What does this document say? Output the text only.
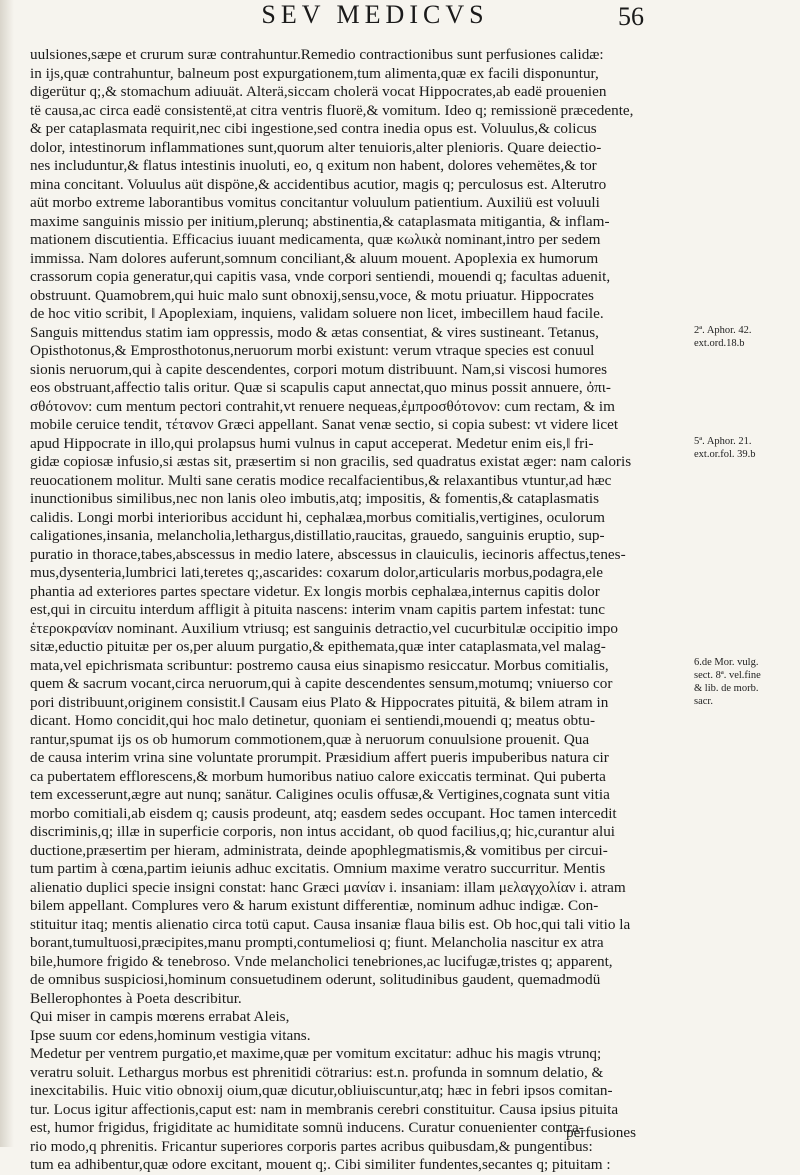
SEV MEDICVS	56
uulsiones,sæpe et crurum suræ contrahuntur.Remedio contractionibus sunt perfusiones calidæ:
in ijs,quæ contrahuntur, balneum post expurgationem,tum alimenta,quæ ex facili disponuntur,
digerütur q;,& stomachum adiuuät. Alterä,siccam cholerä vocat Hippocrates,ab eadë prouenien
të causa,ac circa eadë consistentë,at citra ventris fluorë,& vomitum. Ideo q; remissionë præcedente,
& per cataplasmata requirit,nec cibi ingestione,sed contra inedia opus est. Voluulus,& colicus
dolor, intestinorum inflammationes sunt,quorum alter tenuioris,alter plenioris. Quare deiectio-
nes includuntur,& flatus intestinis inuoluti, eo, q exitum non habent, dolores vehemëtes,& tor
mina concitant. Voluulus aüt dispöne,& accidentibus acutior, magis q; perculosus est. Alterutro
aüt morbo extreme laborantibus vomitus concitantur voluulum patientium. Auxiliü est voluuli
maxime sanguinis missio per initium,plerunq; abstinentia,& cataplasmata mitigantia, & inflam-
mationem discutientia. Efficacius iuuant medicamenta, quæ κωλικὰ nominant,intro per sedem
immissa. Nam dolores auferunt,somnum conciliant,& aluum mouent. Apoplexia ex humorum
crassorum copia generatur,qui capitis vasa, vnde corpori sentiendi, mouendi q; facultas aduenit,
obstruunt. Quamobrem,qui huic malo sunt obnoxij,sensu,voce, & motu priuatur. Hippocrates
de hoc vitio scribit, ‖ Apoplexiam, inquiens, validam soluere non licet, imbecillem haud facile.
Sanguis mittendus statim iam oppressis, modo & ætas consentiat, & vires sustineant. Tetanus,
Opisthotonus,& Emprosthotonus,neruorum morbi existunt: verum vtraque species est conuul
sionis neruorum,qui à capite descendentes, corpori motum distribuunt. Nam,si viscosi humores
eos obstruant,affectio talis oritur. Quæ si scapulis caput annectat,quo minus possit annuere, ὀπι-
σθότονον: cum mentum pectori contrahit,vt renuere nequeas,ἐμπροσθότονον: cum rectam, & im
mobile ceruice tendit, τέτανον Græci appellant. Sanat venæ sectio, si copia subest: vt videre licet
apud Hippocrate in illo,qui prolapsus humi vulnus in caput acceperat. Medetur enim eis,‖ fri-
gidæ copiosæ infusio,si æstas sit, præsertim si non gracilis, sed quadratus existat æger: nam caloris
reuocationem molitur. Multi sane ceratis modice recalfacientibus,& relaxantibus vtuntur,ad hæc
inunctionibus similibus,nec non lanis oleo imbutis,atq; impositis, & fomentis,& cataplasmatis
calidis. Longi morbi interioribus accidunt hi, cephalæa,morbus comitialis,vertigines, oculorum
caligationes,insania, melancholia,lethargus,distillatio,raucitas, grauedo, sanguinis eruptio, sup-
puratio in thorace,tabes,abscessus in medio latere, abscessus in clauiculis, iecinoris affectus,tenes-
mus,dysenteria,lumbrici lati,teretes q;,ascarides: coxarum dolor,articularis morbus,podagra,ele
phantia ad exteriores partes spectare videtur. Ex longis morbis cephalæa,internus capitis dolor
est,qui in circuitu interdum affligit à pituita nascens: interim vnam capitis partem infestat: tunc
ἑτεροκρανίαν nominant. Auxilium vtriusq; est sanguinis detractio,vel cucurbitulæ occipitio impo
sitæ,eductio pituitæ per os,per aluum purgatio,& epithemata,quæ inter cataplasmata,vel malag-
mata,vel epichrismata scribuntur: postremo causa eius sinapismo resiccatur. Morbus comitialis,
quem & sacrum vocant,circa neruorum,qui à capite descendentes sensum,motumq; vniuerso cor
pori distribuunt,originem consistit.‖ Causam eius Plato & Hippocrates pituitä, & bilem atram in
dicant. Homo concidit,qui hoc malo detinetur, quoniam ei sentiendi,mouendi q; meatus obtu-
rantur,spumat ijs os ob humorum commotionem,quæ à neruorum conuulsione prouenit. Qua
de causa interim vrina sine voluntate prorumpit. Præsidium affert pueris impuberibus natura cir
ca pubertatem efflorescens,& morbum humoribus natiuo calore exiccatis terminat. Qui puberta
tem excesserunt,ægre aut nunq; sanätur. Caligines oculis offusæ,& Vertigines,cognata sunt vitia
morbo comitiali,ab eisdem q; causis prodeunt, atq; easdem sedes occupant. Hoc tamen intercedit
discriminis,q; illæ in superficie corporis, non intus accidant, ob quod facilius,q; hic,curantur alui
ductione,præsertim per hieram, administrata, deinde apophlegmatismis,& vomitibus per circui-
tum partim à cœna,partim ieiunis adhuc excitatis. Omnium maxime veratro succurritur. Mentis
alienatio duplici specie insigni constat: hanc Græci μανίαν i. insaniam: illam μελαγχολίαν i. atram
bilem appellant. Complures vero & harum existunt differentiæ, nominum adhuc indigæ. Con-
stituitur itaq; mentis alienatio circa totü caput. Causa insaniæ flaua bilis est. Ob hoc,qui tali vitio la
borant,tumultuosi,præcipites,manu prompti,contumeliosi q; fiunt. Melancholia nascitur ex atra
bile,humore frigido & tenebroso. Vnde melancholici tenebriones,ac lucifugæ,tristes q; apparent,
de omnibus suspiciosi,hominum consuetudinem oderunt, solitudinibus gaudent, quemadmodü
Bellerophontes à Poeta describitur.
Qui miser in campis mœrens errabat Aleis,
Ipse suum cor edens,hominum vestigia vitans.
Medetur per ventrem purgatio,et maxime,quæ per vomitum excitatur: adhuc his magis vtrunq;
veratru soluit. Lethargus morbus est phrenitidi cötrarius: est.n. profunda in somnum delatio, &
inexcitabilis. Huic vitio obnoxij oium,quæ dicutur,obliuiscuntur,atq; hæc in febri ipsos comitan-
tur. Locus igitur affectionis,caput est: nam in membranis cerebri constituitur. Causa ipsius pituita
est, humor frigidus, frigiditate ac humiditate somnü inducens. Curatur conuenienter contra-
rio modo,q phrenitis. Fricantur superiores corporis partes acribus quibusdam,& pungentibus:
tum ea adhibentur,quæ odore excitant, mouent q;. Cibi similiter fundentes,secantes q; pituitam :
2ª. Aphor. 42.
ext.ord.18.b
5ª. Aphor. 21.
ext.or.fol. 39.b
6.de Mor. vulg.
sect. 8ª. vel.fine
& lib. de morb.
sacr.
perfusiones
